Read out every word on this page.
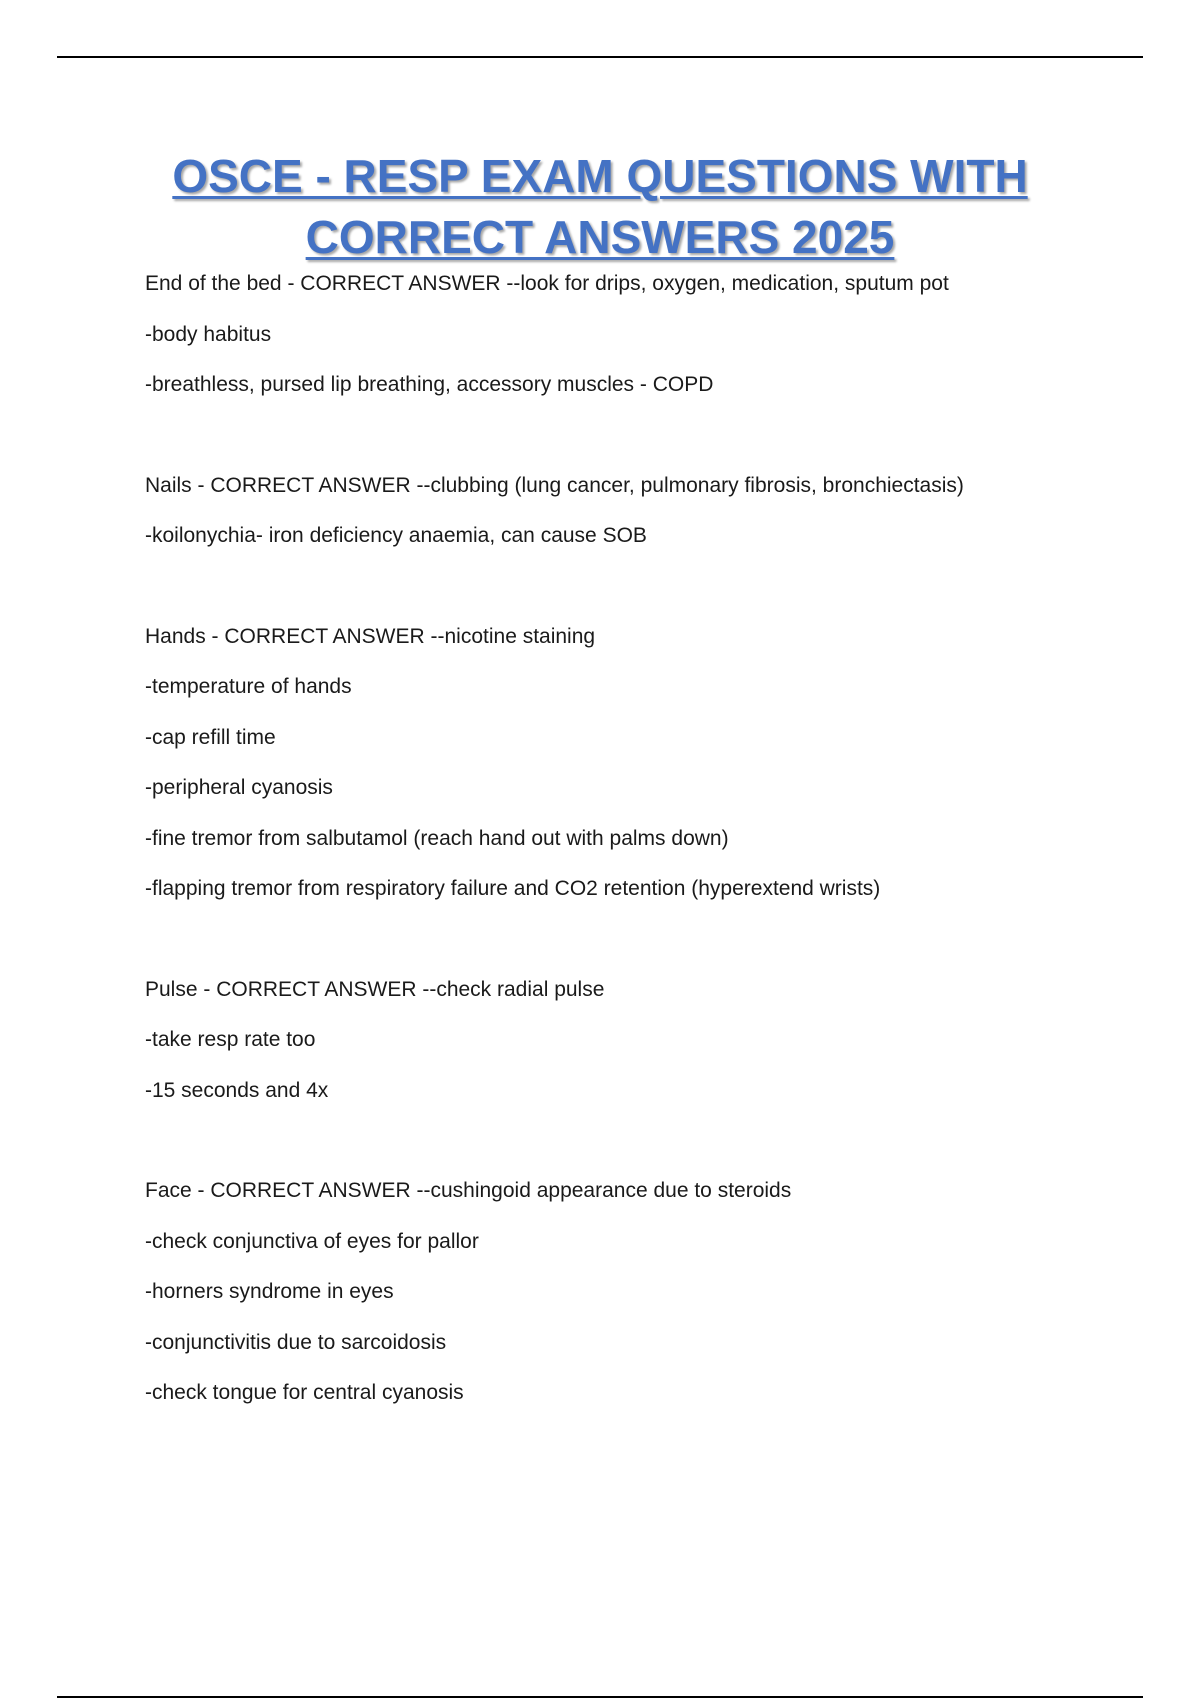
OSCE - RESP EXAM QUESTIONS WITH
CORRECT ANSWERS 2025
End of the bed - CORRECT ANSWER --look for drips, oxygen, medication, sputum pot
-body habitus
-breathless, pursed lip breathing, accessory muscles - COPD
Nails - CORRECT ANSWER --clubbing (lung cancer, pulmonary fibrosis, bronchiectasis)
-koilonychia- iron deficiency anaemia, can cause SOB
Hands - CORRECT ANSWER --nicotine staining
-temperature of hands
-cap refill time
-peripheral cyanosis
-fine tremor from salbutamol (reach hand out with palms down)
-flapping tremor from respiratory failure and CO2 retention (hyperextend wrists)
Pulse - CORRECT ANSWER --check radial pulse
-take resp rate too
-15 seconds and 4x
Face - CORRECT ANSWER --cushingoid appearance due to steroids
-check conjunctiva of eyes for pallor
-horners syndrome in eyes
-conjunctivitis due to sarcoidosis
-check tongue for central cyanosis
